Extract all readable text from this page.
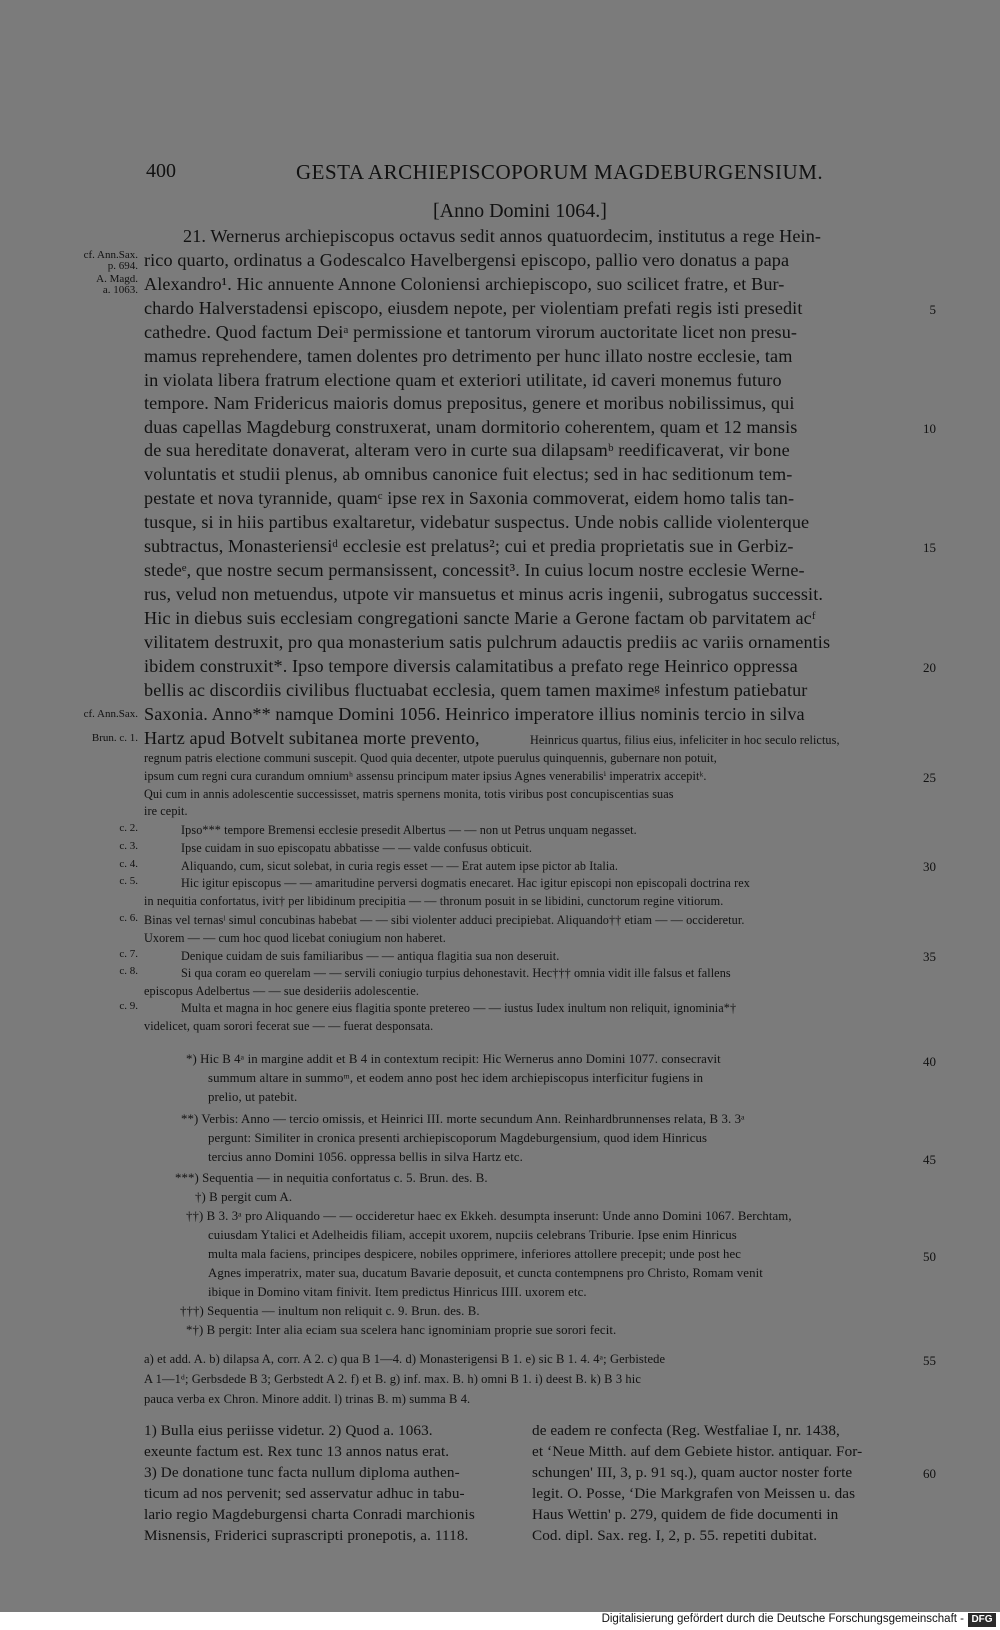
400	GESTA ARCHIEPISCOPORUM MAGDEBURGENSIUM.
[Anno Domini 1064.]
cf. Ann.Sax.
p. 694.
A. Magd.
a. 1063.
cf. Ann.Sax.
Brun. c. 1.
c. 2.
c. 3.
c. 4.
c. 5.
c. 6.
c. 7.
c. 8.
c. 9.
21. Wernerus archiepiscopus octavus sedit annos quatuordecim, institutus a rege Hein-
rico quarto, ordinatus a Godescalco Havelbergensi episcopo, pallio vero donatus a papa
Alexandro¹. Hic annuente Annone Coloniensi archiepiscopo, suo scilicet fratre, et Bur-
chardo Halverstadensi episcopo, eiusdem nepote, per violentiam prefati regis isti presedit
cathedre. Quod factum Deiᵃ permissione et tantorum virorum auctoritate licet non presu-
mamus reprehendere, tamen dolentes pro detrimento per hunc illato nostre ecclesie, tam
in violata libera fratrum electione quam et exteriori utilitate, id caveri monemus futuro
tempore. Nam Fridericus maioris domus prepositus, genere et moribus nobilissimus, qui
duas capellas Magdeburg construxerat, unam dormitorio coherentem, quam et 12 mansis
de sua hereditate donaverat, alteram vero in curte sua dilapsamᵇ reedificaverat, vir bone
voluntatis et studii plenus, ab omnibus canonice fuit electus; sed in hac seditionum tem-
pestate et nova tyrannide, quamᶜ ipse rex in Saxonia commoverat, eidem homo talis tan-
tusque, si in hiis partibus exaltaretur, videbatur suspectus. Unde nobis callide violenterque
subtractus, Monasteriensiᵈ ecclesie est prelatus²; cui et predia proprietatis sue in Gerbiz-
stedeᵉ, que nostre secum permansissent, concessit³. In cuius locum nostre ecclesie Werne-
rus, velud non metuendus, utpote vir mansuetus et minus acris ingenii, subrogatus successit.
Hic in diebus suis ecclesiam congregationi sancte Marie a Gerone factam ob parvitatem acᶠ
vilitatem destruxit, pro qua monasterium satis pulchrum adauctis prediis ac variis ornamentis
ibidem construxit*. Ipso tempore diversis calamitatibus a prefato rege Heinrico oppressa
bellis ac discordiis civilibus fluctuabat ecclesia, quem tamen maximeᵍ infestum patiebatur
Saxonia. Anno** namque Domini 1056. Heinrico imperatore illius nominis tercio in silva
Hartz apud Botvelt subitanea morte prevento,	Heinricus quartus, filius eius, infeliciter in hoc seculo relictus,
regnum patris electione communi suscepit. Quod quia decenter, utpote puerulus quinquennis, gubernare non potuit,
ipsum cum regni cura curandum omniumʰ assensu principum mater ipsius Agnes venerabilisⁱ imperatrix accepitᵏ.
Qui cum in annis adolescentie successisset, matris spernens monita, totis viribus post concupiscentias suas
ire cepit.
Ipso*** tempore Bremensi ecclesie presedit Albertus — — non ut Petrus unquam negasset.
Ipse cuidam in suo episcopatu abbatisse — — valde confusus obticuit.
Aliquando, cum, sicut solebat, in curia regis esset — — Erat autem ipse pictor ab Italia.
Hic igitur episcopus — — amaritudine perversi dogmatis enecaret. Hac igitur episcopi non episcopali doctrina rex
in nequitia confortatus, ivit† per libidinum precipitia — — thronum posuit in se libidini, cunctorum regine vitiorum.
Binas vel ternasˡ simul concubinas habebat — — sibi violenter adduci precipiebat. Aliquando†† etiam — — occideretur.
Uxorem — — cum hoc quod licebat coniugium non haberet.
Denique cuidam de suis familiaribus — — antiqua flagitia sua non deseruit.
Si qua coram eo querelam — — servili coniugio turpius dehonestavit. Hec††† omnia vidit ille falsus et fallens
episcopus Adelbertus — — sue desideriis adolescentie.
Multa et magna in hoc genere eius flagitia sponte pretereo — — iustus Iudex inultum non reliquit, ignominia*†
videlicet, quam sorori fecerat sue — — fuerat desponsata.
*) Hic B 4ᵃ in margine addit et B 4 in contextum recipit: Hic Wernerus anno Domini 1077. consecravit
summum altare in summoᵐ, et eodem anno post hec idem archiepiscopus interficitur fugiens in
prelio, ut patebit.
**) Verbis: Anno — tercio omissis, et Heinrici III. morte secundum Ann. Reinhardbrunnenses relata, B 3. 3ᵃ
pergunt: Similiter in cronica presenti archiepiscoporum Magdeburgensium, quod idem Hinricus
tercius anno Domini 1056. oppressa bellis in silva Hartz etc.
***) Sequentia — in nequitia confortatus c. 5. Brun. des. B.
†) B pergit cum A.
††) B 3. 3ᵃ pro Aliquando — — occideretur haec ex Ekkeh. desumpta inserunt: Unde anno Domini 1067. Berchtam,
cuiusdam Ytalici et Adelheidis filiam, accepit uxorem, nupciis celebrans Triburie. Ipse enim Hinricus
multa mala faciens, principes despicere, nobiles opprimere, inferiores attollere precepit; unde post hec
Agnes imperatrix, mater sua, ducatum Bavarie deposuit, et cuncta contempnens pro Christo, Romam venit
ibique in Domino vitam finivit. Item predictus Hinricus IIII. uxorem etc.
†††) Sequentia — inultum non reliquit c. 9. Brun. des. B.
*†) B pergit: Inter alia eciam sua scelera hanc ignominiam proprie sue sorori fecit.
a) et add. A. b) dilapsa A, corr. A 2. c) qua B 1—4. d) Monasterigensi B 1. e) sic B 1. 4. 4ᵃ; Gerbistede
A 1—1ᵈ; Gerbsdede B 3; Gerbstedt A 2. f) et B. g) inf. max. B. h) omni B 1. i) deest B. k) B 3 hic
pauca verba ex Chron. Minore addit. l) trinas B. m) summa B 4.
1) Bulla eius periisse videtur. 2) Quod a. 1063.
exeunte factum est. Rex tunc 13 annos natus erat.
3) De donatione tunc facta nullum diploma authen-
ticum ad nos pervenit; sed asservatur adhuc in tabu-
lario regio Magdeburgensi charta Conradi marchionis
Misnensis, Friderici suprascripti pronepotis, a. 1118.
de eadem re confecta (Reg. Westfaliae I, nr. 1438,
et ʻNeue Mitth. auf dem Gebiete histor. antiquar. For-
schungen' III, 3, p. 91 sq.), quam auctor noster forte
legit. O. Posse, ʻDie Markgrafen von Meissen u. das
Haus Wettin' p. 279, quidem de fide documenti in
Cod. dipl. Sax. reg. I, 2, p. 55. repetiti dubitat.
5
10
15
20
25
30
35
40
45
50
55
60
Digitalisierung gefördert durch die Deutsche Forschungsgemeinschaft - DFG
